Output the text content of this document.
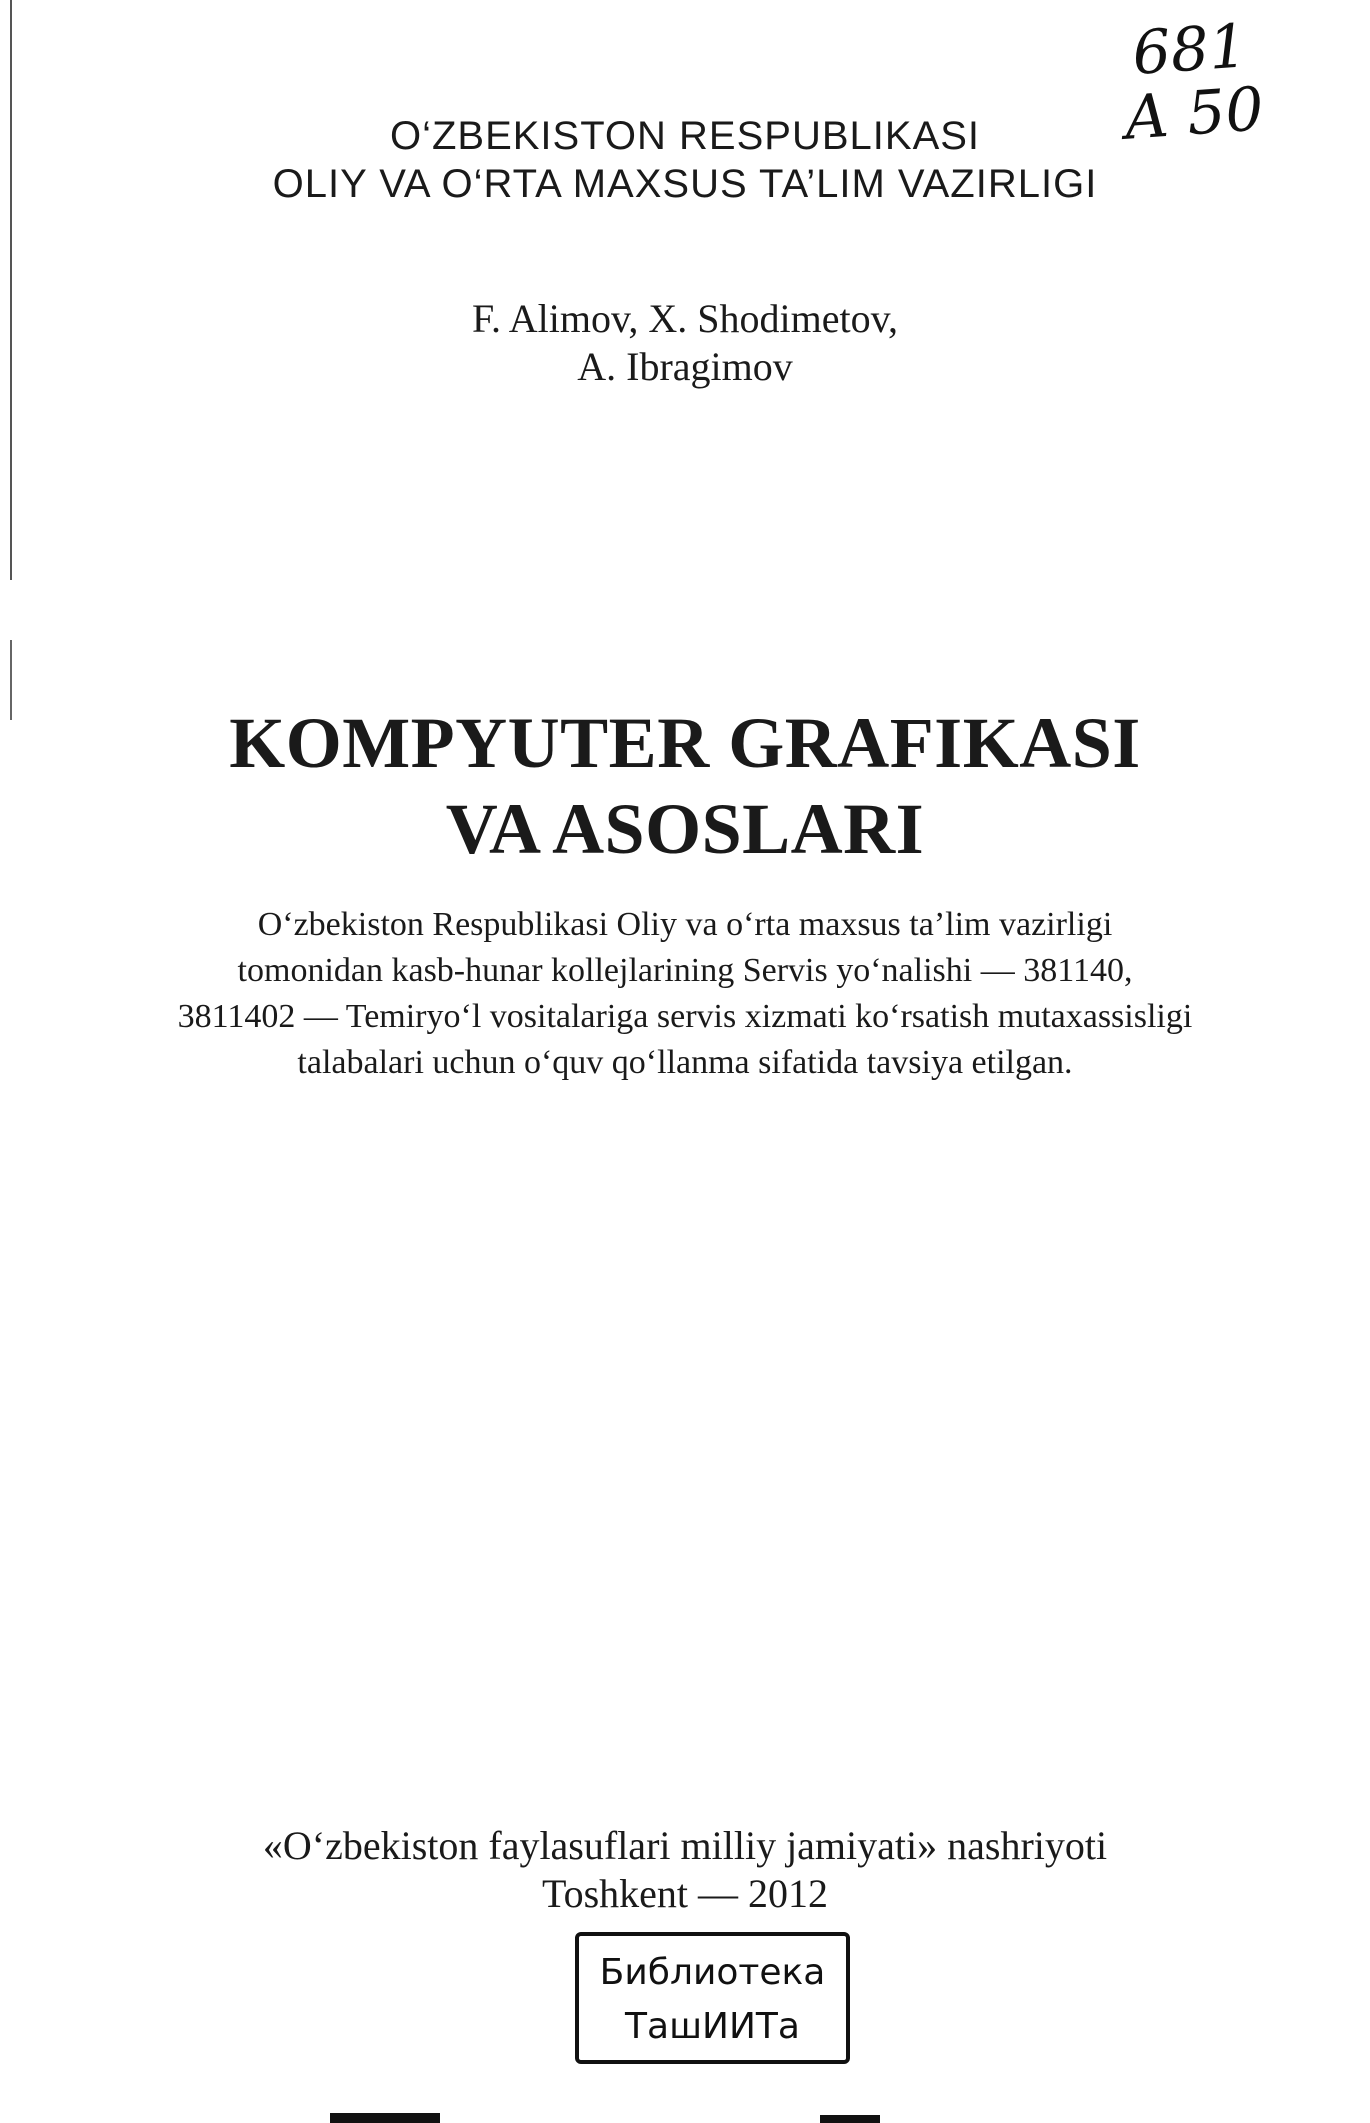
O‘ZBEKISTON RESPUBLIKASI
OLIY VA O‘RTA MAXSUS TA’LIM VAZIRLIGI
681
A 50
F. Alimov, X. Shodimetov,
A. Ibragimov
KOMPYUTER GRAFIKASI
VA ASOSLARI
O‘zbekiston Respublikasi Oliy va o‘rta maxsus ta’lim vazirligi
tomonidan kasb-hunar kollejlarining Servis yo‘nalishi — 381140,
3811402 — Temiryo‘l vositalariga servis xizmati ko‘rsatish mutaxassisligi
talabalari uchun o‘quv qo‘llanma sifatida tavsiya etilgan.
«O‘zbekiston faylasuflari milliy jamiyati» nashriyoti
Toshkent — 2012
Библиотека
ТашИИТа
